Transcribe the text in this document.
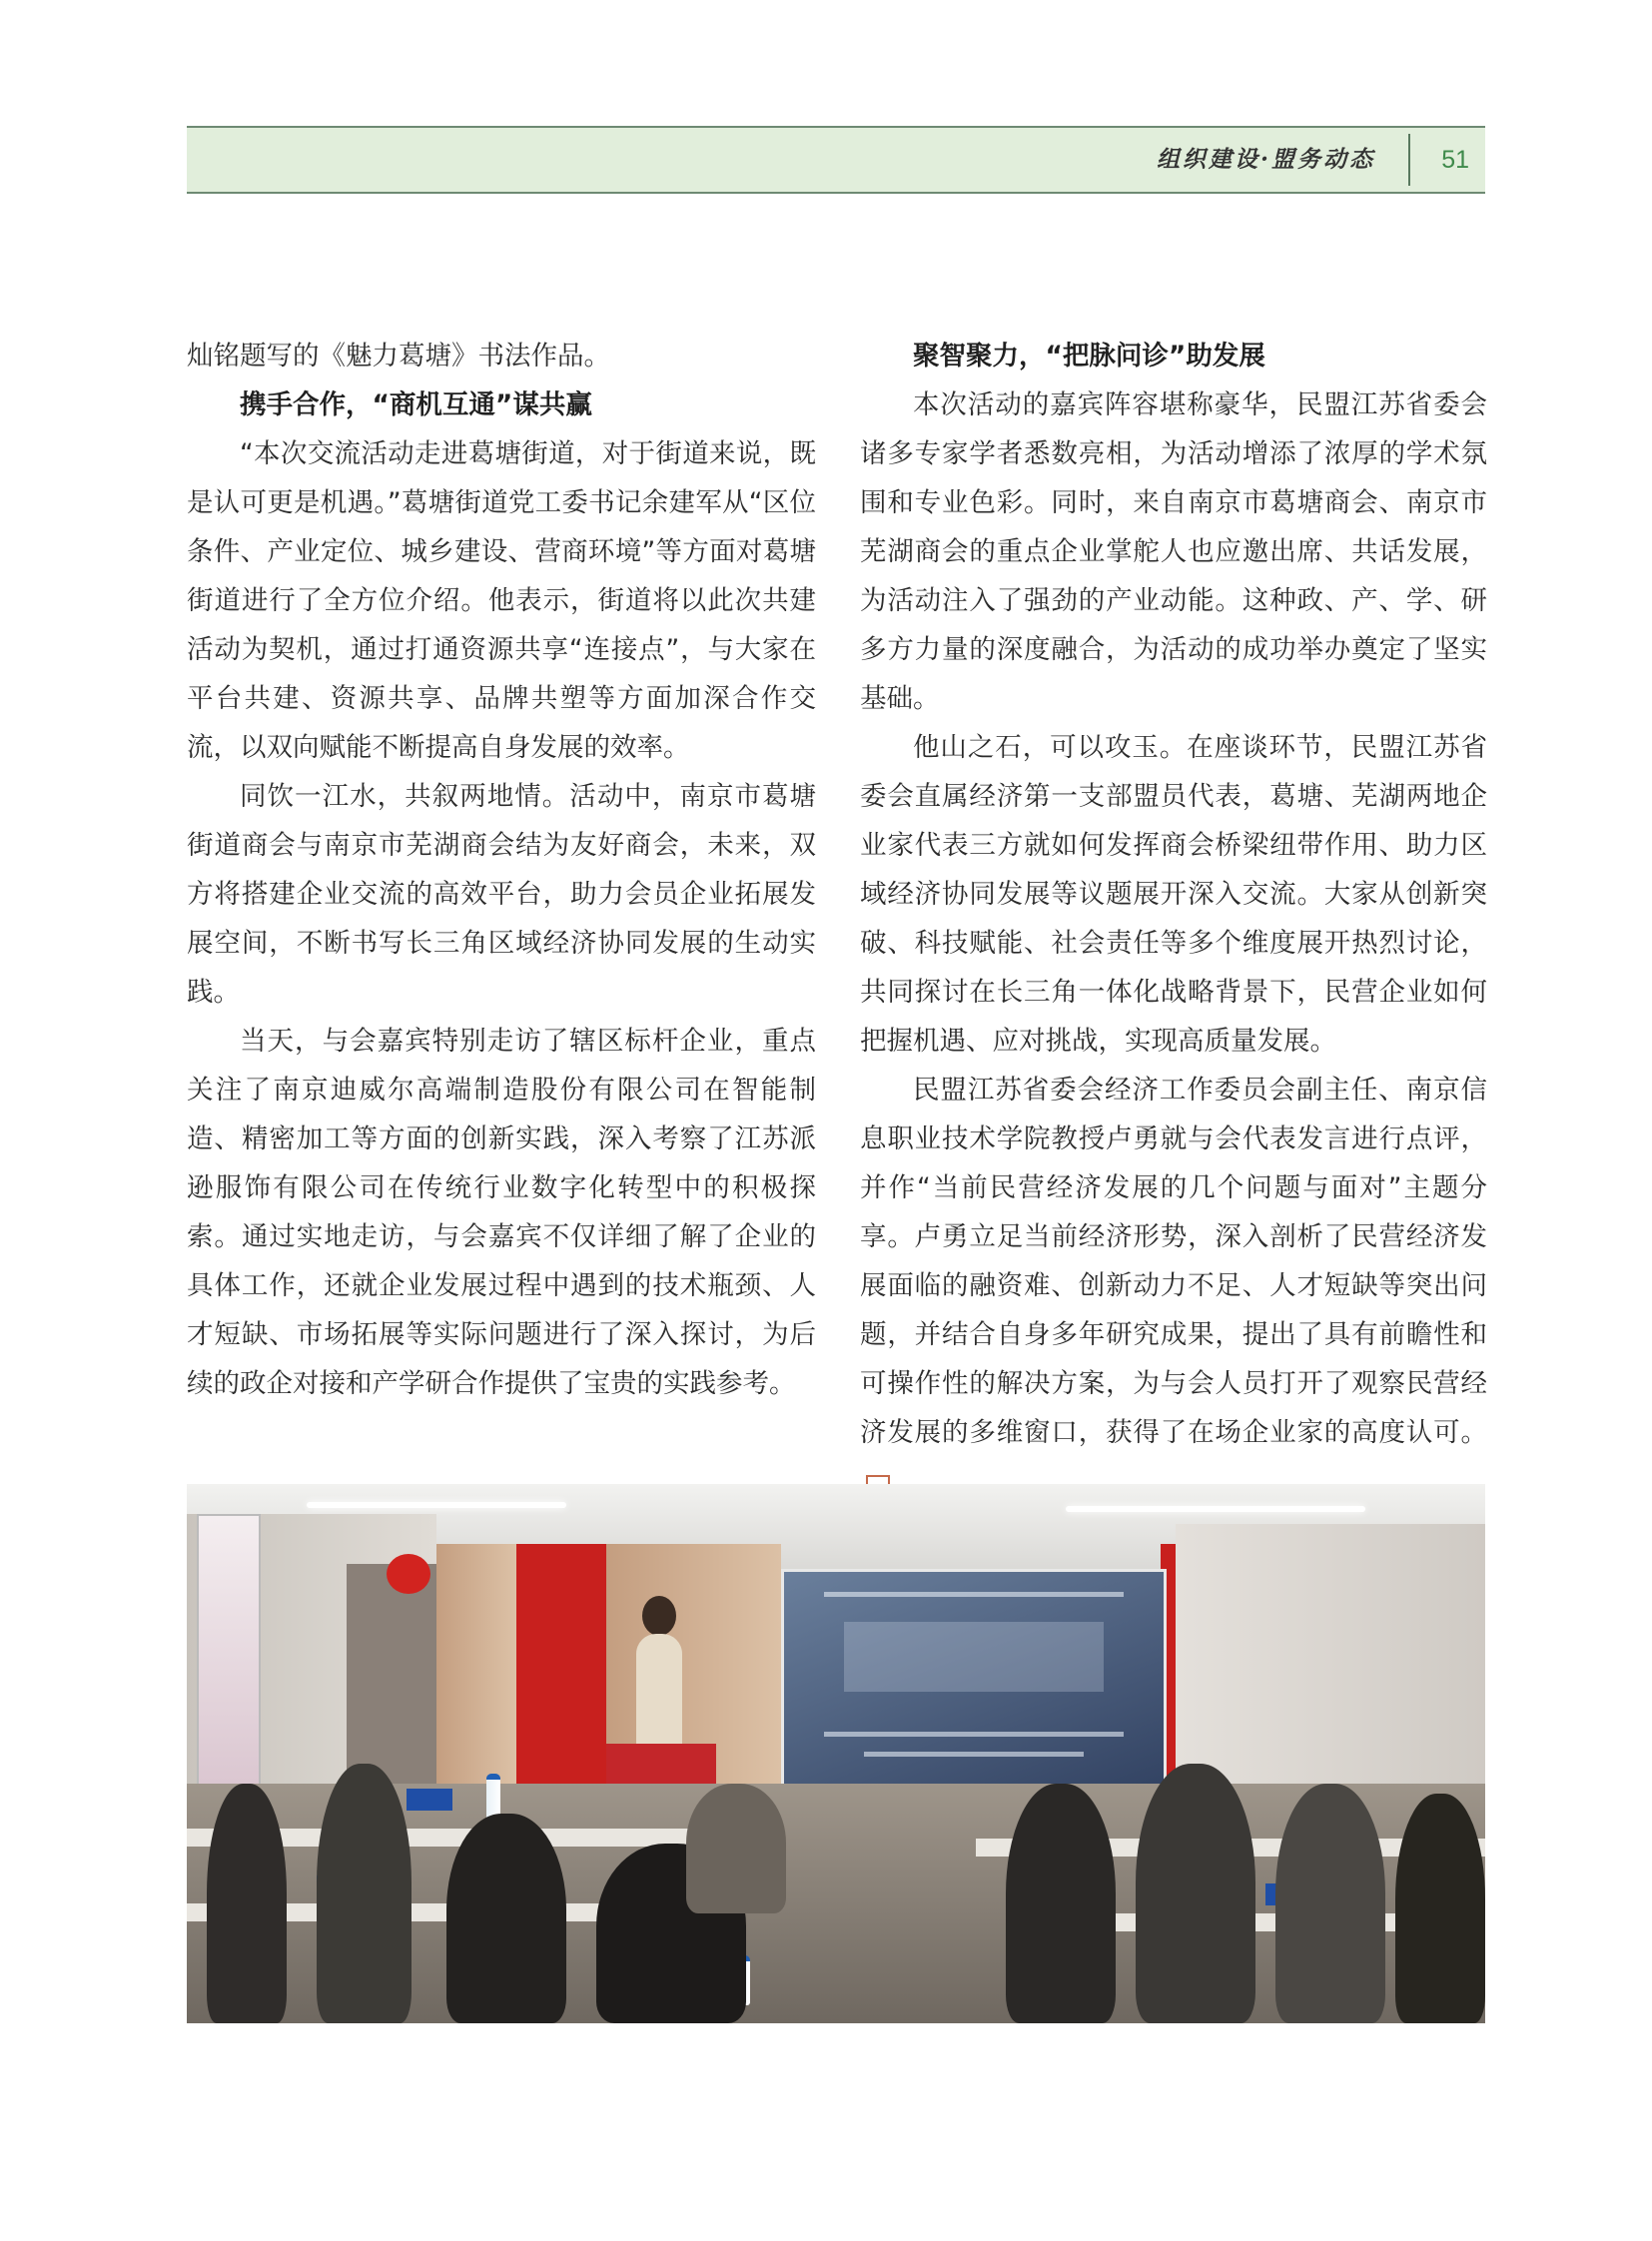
组织建设·盟务动态	51

灿铭题写的《魅力葛塘》书法作品。

携手合作，“商机互通”谋共赢

“本次交流活动走进葛塘街道，对于街道来说，既是认可更是机遇。”葛塘街道党工委书记余建军从“区位条件、产业定位、城乡建设、营商环境”等方面对葛塘街道进行了全方位介绍。他表示，街道将以此次共建活动为契机，通过打通资源共享“连接点”，与大家在平台共建、资源共享、品牌共塑等方面加深合作交流，以双向赋能不断提高自身发展的效率。

同饮一江水，共叙两地情。活动中，南京市葛塘街道商会与南京市芜湖商会结为友好商会，未来，双方将搭建企业交流的高效平台，助力会员企业拓展发展空间，不断书写长三角区域经济协同发展的生动实践。

当天，与会嘉宾特别走访了辖区标杆企业，重点关注了南京迪威尔高端制造股份有限公司在智能制造、精密加工等方面的创新实践，深入考察了江苏派逊服饰有限公司在传统行业数字化转型中的积极探索。通过实地走访，与会嘉宾不仅详细了解了企业的具体工作，还就企业发展过程中遇到的技术瓶颈、人才短缺、市场拓展等实际问题进行了深入探讨，为后续的政企对接和产学研合作提供了宝贵的实践参考。

聚智聚力，“把脉问诊”助发展

本次活动的嘉宾阵容堪称豪华，民盟江苏省委会诸多专家学者悉数亮相，为活动增添了浓厚的学术氛围和专业色彩。同时，来自南京市葛塘商会、南京市芜湖商会的重点企业掌舵人也应邀出席、共话发展，为活动注入了强劲的产业动能。这种政、产、学、研多方力量的深度融合，为活动的成功举办奠定了坚实基础。

他山之石，可以攻玉。在座谈环节，民盟江苏省委会直属经济第一支部盟员代表，葛塘、芜湖两地企业家代表三方就如何发挥商会桥梁纽带作用、助力区域经济协同发展等议题展开深入交流。大家从创新突破、科技赋能、社会责任等多个维度展开热烈讨论，共同探讨在长三角一体化战略背景下，民营企业如何把握机遇、应对挑战，实现高质量发展。

民盟江苏省委会经济工作委员会副主任、南京信息职业技术学院教授卢勇就与会代表发言进行点评，并作“当前民营经济发展的几个问题与面对”主题分享。卢勇立足当前经济形势，深入剖析了民营经济发展面临的融资难、创新动力不足、人才短缺等突出问题，并结合自身多年研究成果，提出了具有前瞻性和可操作性的解决方案，为与会人员打开了观察民营经济发展的多维窗口，获得了在场企业家的高度认可。
